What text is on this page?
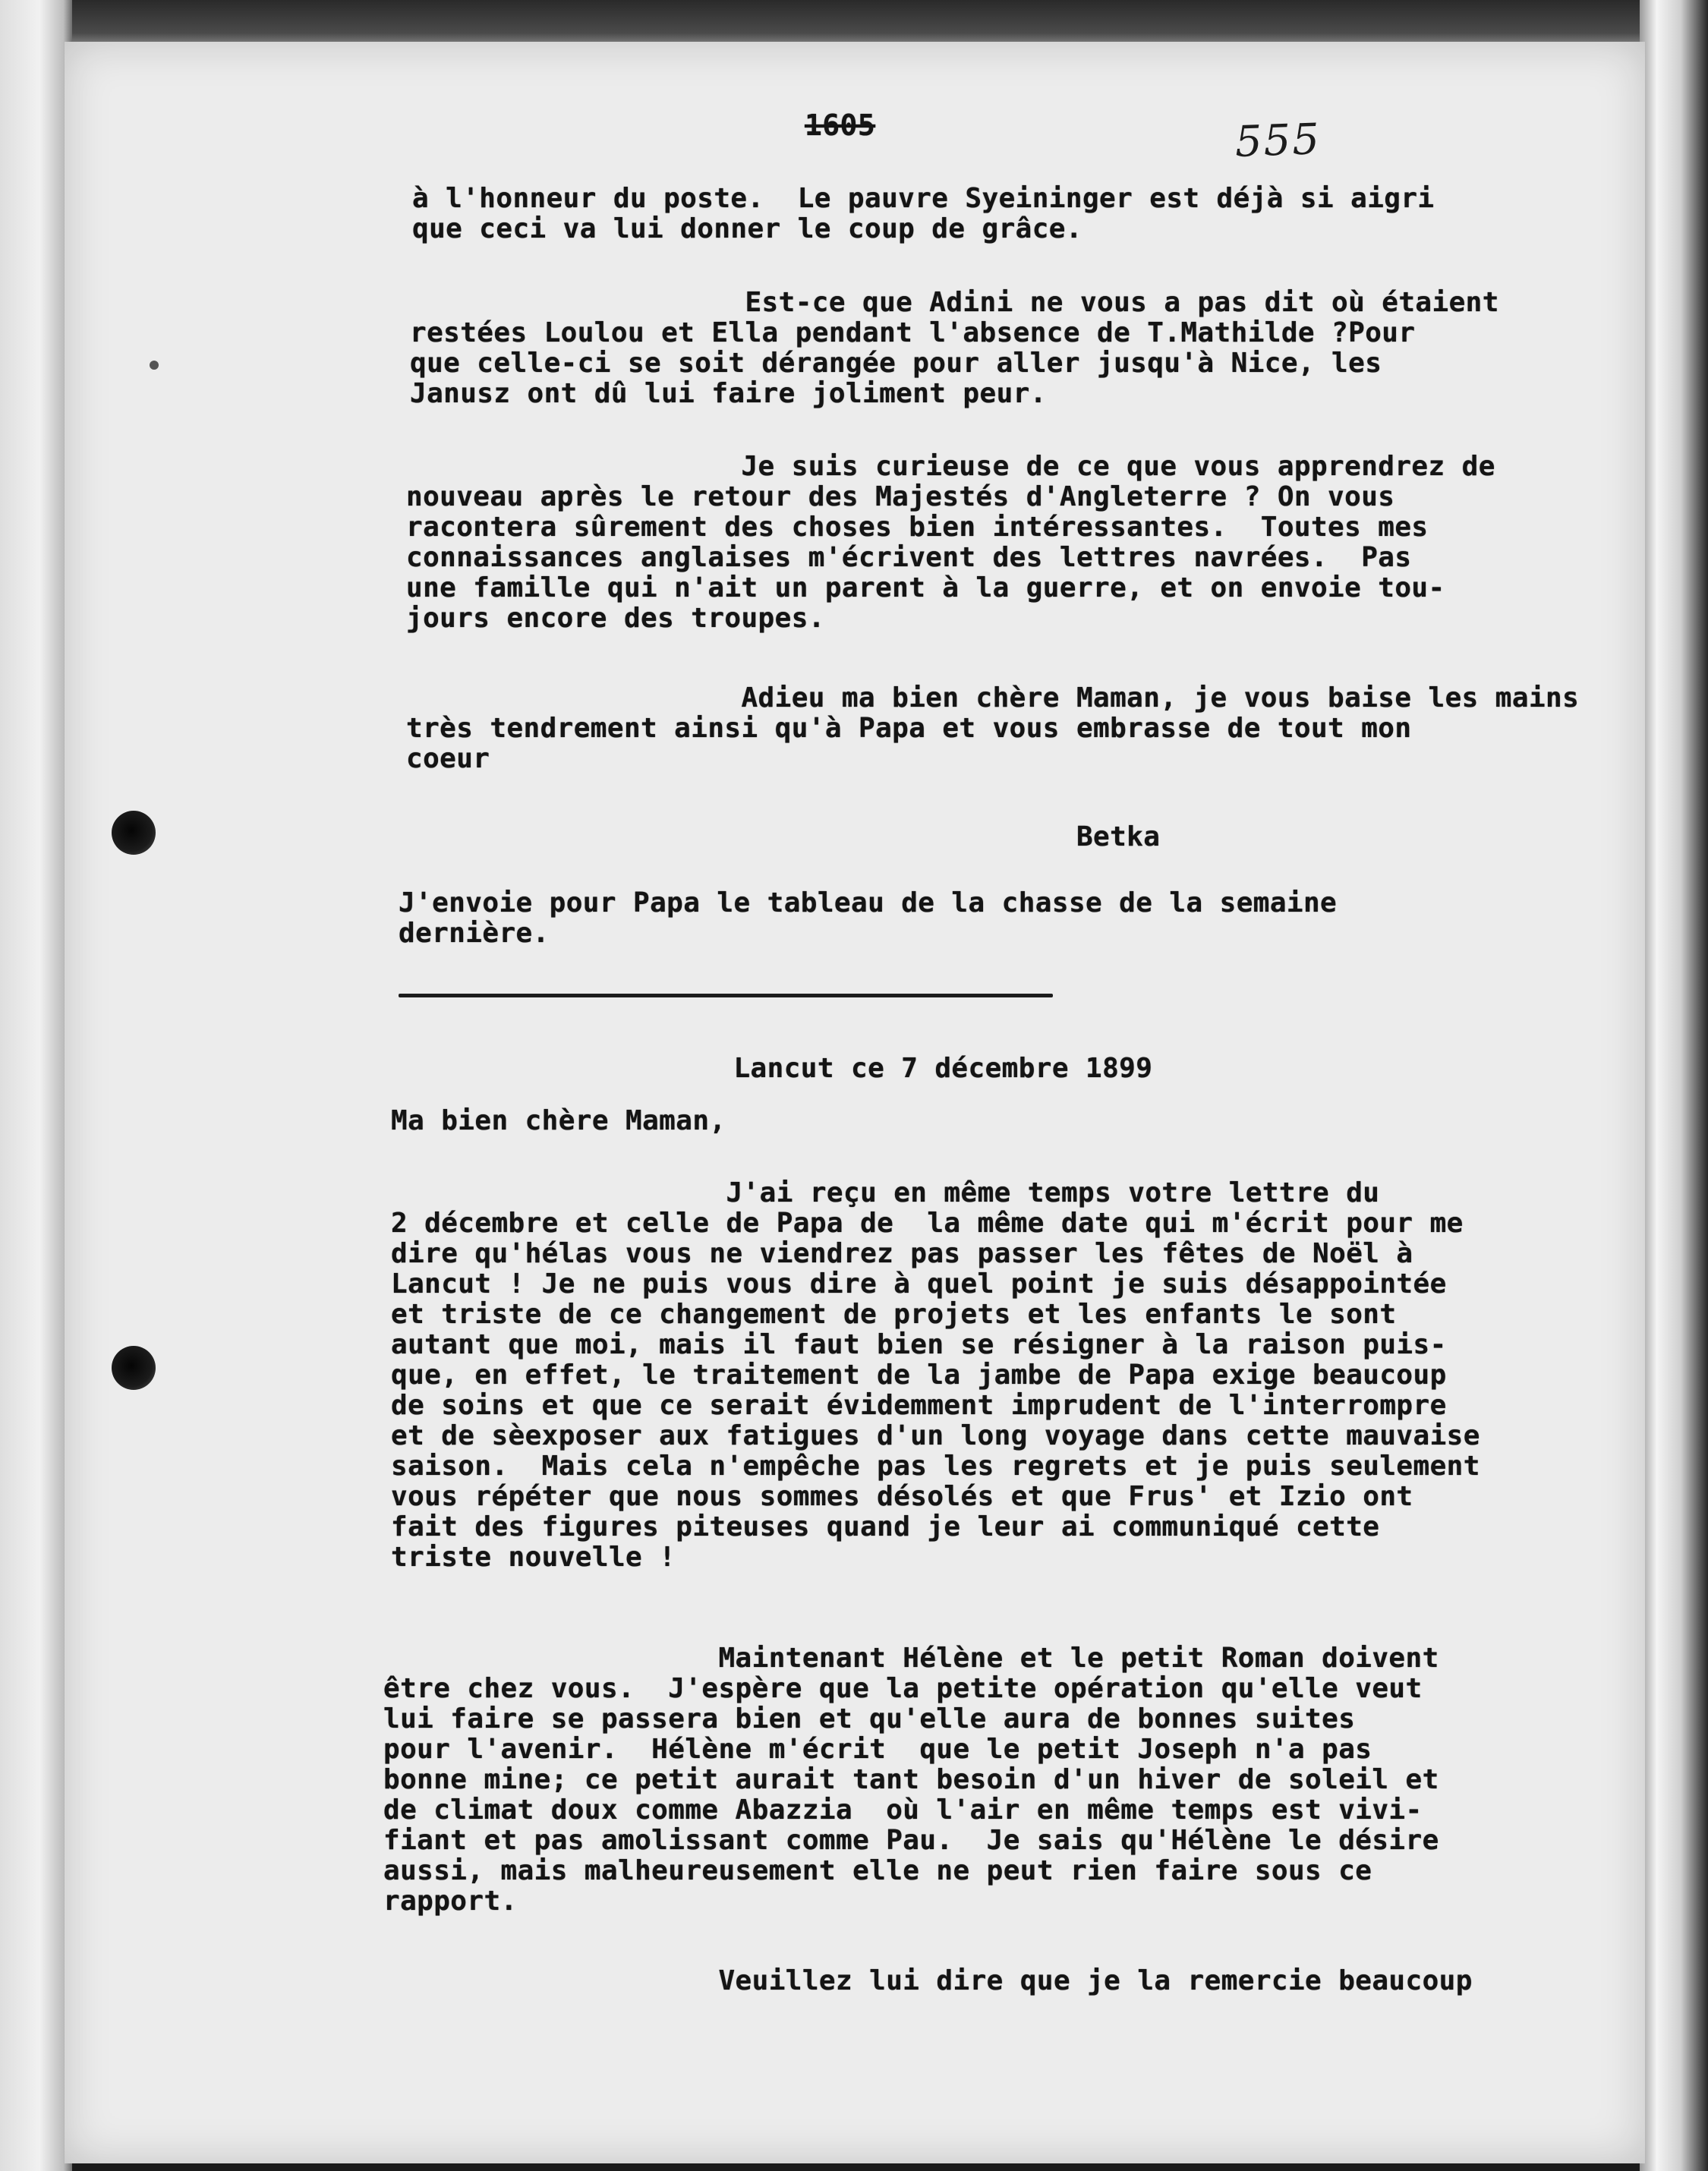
1605	555
à l'honneur du poste.  Le pauvre Syeininger est déjà si aigri
que ceci va lui donner le coup de grâce.
Est-ce que Adini ne vous a pas dit où étaient
restées Loulou et Ella pendant l'absence de T.Mathilde ?Pour
que celle-ci se soit dérangée pour aller jusqu'à Nice, les
Janusz ont dû lui faire joliment peur.
Je suis curieuse de ce que vous apprendrez de
nouveau après le retour des Majestés d'Angleterre ? On vous
racontera sûrement des choses bien intéressantes.  Toutes mes
connaissances anglaises m'écrivent des lettres navrées.  Pas
une famille qui n'ait un parent à la guerre, et on envoie tou-
jours encore des troupes.
Adieu ma bien chère Maman, je vous baise les mains
très tendrement ainsi qu'à Papa et vous embrasse de tout mon
coeur
Betka
J'envoie pour Papa le tableau de la chasse de la semaine
dernière.
Lancut ce 7 décembre 1899
Ma bien chère Maman,
J'ai reçu en même temps votre lettre du
2 décembre et celle de Papa de  la même date qui m'écrit pour me
dire qu'hélas vous ne viendrez pas passer les fêtes de Noël à
Lancut ! Je ne puis vous dire à quel point je suis désappointée
et triste de ce changement de projets et les enfants le sont
autant que moi, mais il faut bien se résigner à la raison puis-
que, en effet, le traitement de la jambe de Papa exige beaucoup
de soins et que ce serait évidemment imprudent de l'interrompre
et de sèexposer aux fatigues d'un long voyage dans cette mauvaise
saison.  Mais cela n'empêche pas les regrets et je puis seulement
vous répéter que nous sommes désolés et que Frus' et Izio ont
fait des figures piteuses quand je leur ai communiqué cette
triste nouvelle !
Maintenant Hélène et le petit Roman doivent
être chez vous.  J'espère que la petite opération qu'elle veut
lui faire se passera bien et qu'elle aura de bonnes suites
pour l'avenir.  Hélène m'écrit  que le petit Joseph n'a pas
bonne mine; ce petit aurait tant besoin d'un hiver de soleil et
de climat doux comme Abazzia  où l'air en même temps est vivi-
fiant et pas amolissant comme Pau.  Je sais qu'Hélène le désire
aussi, mais malheureusement elle ne peut rien faire sous ce
rapport.
Veuillez lui dire que je la remercie beaucoup
